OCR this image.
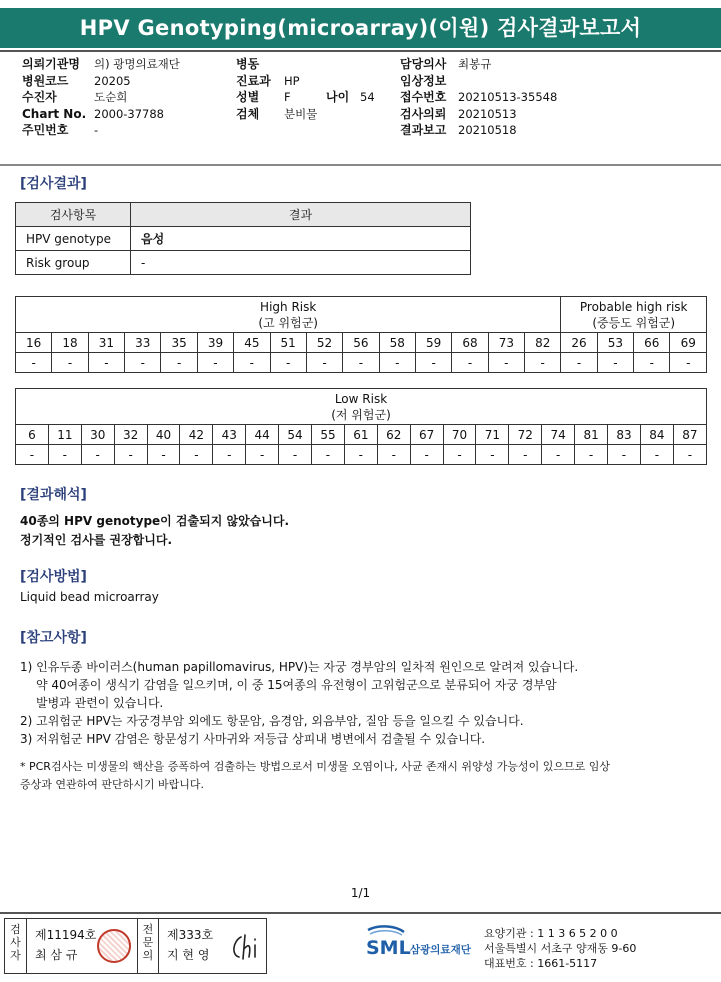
HPV Genotyping(microarray)(이원) 검사결과보고서
의뢰기관명 의) 광명의료재단
병원코드 20205
수진자	도순희
Chart No. 2000-37788
주민번호 -
병동
진료과 HP
성별 F	나이 54
검체 분비물
담당의사 최봉규
임상정보
접수번호 20210513-35548
검사의뢰 20210513
결과보고 20210518
[검사결과]
검사항목	결과
HPV genotype	음성
Risk group	-
High Risk
(고 위험군)															Probable high risk
(중등도 위험군)			
16	18	31	33	35	39	45	51	52	56	58	59	68	73	82	26	53	66	69
-	-	-	-	-	-	-	-	-	-	-	-	-	-	-	-	-	-	-
Low Risk
(저 위험군)																				
6	11	30	32	40	42	43	44	54	55	61	62	67	70	71	72	74	81	83	84	87
-	-	-	-	-	-	-	-	-	-	-	-	-	-	-	-	-	-	-	-	-
[결과해석]
40종의 HPV genotype이 검출되지 않았습니다.
정기적인 검사를 권장합니다.
[검사방법]
Liquid bead microarray
[참고사항]
1) 인유두종 바이러스(human papillomavirus, HPV)는 자궁 경부암의 일차적 원인으로 알려져 있습니다.
약 40여종이 생식기 감염을 일으키며, 이 중 15여종의 유전형이 고위험군으로 분류되어 자궁 경부암
발병과 관련이 있습니다.
2) 고위험군 HPV는 자궁경부암 외에도 항문암, 음경암, 외음부암, 질암 등을 일으킬 수 있습니다.
3) 저위험군 HPV 감염은 항문성기 사마귀와 저등급 상피내 병변에서 검출될 수 있습니다.
* PCR검사는 미생물의 핵산을 증폭하여 검출하는 방법으로서 미생물 오염이나, 사균 존재시 위양성 가능성이 있으므로 임상
증상과 연관하여 판단하시기 바랍니다.
1/1
검
사
자
제11194호
최 삼 규
전
문
의
제333호
지 현 영	SML 삼광의료재단
요양기관 : 1 1 3 6 5 2 0 0
서울특별시 서초구 양재동 9-60
대표번호 : 1661-5117
